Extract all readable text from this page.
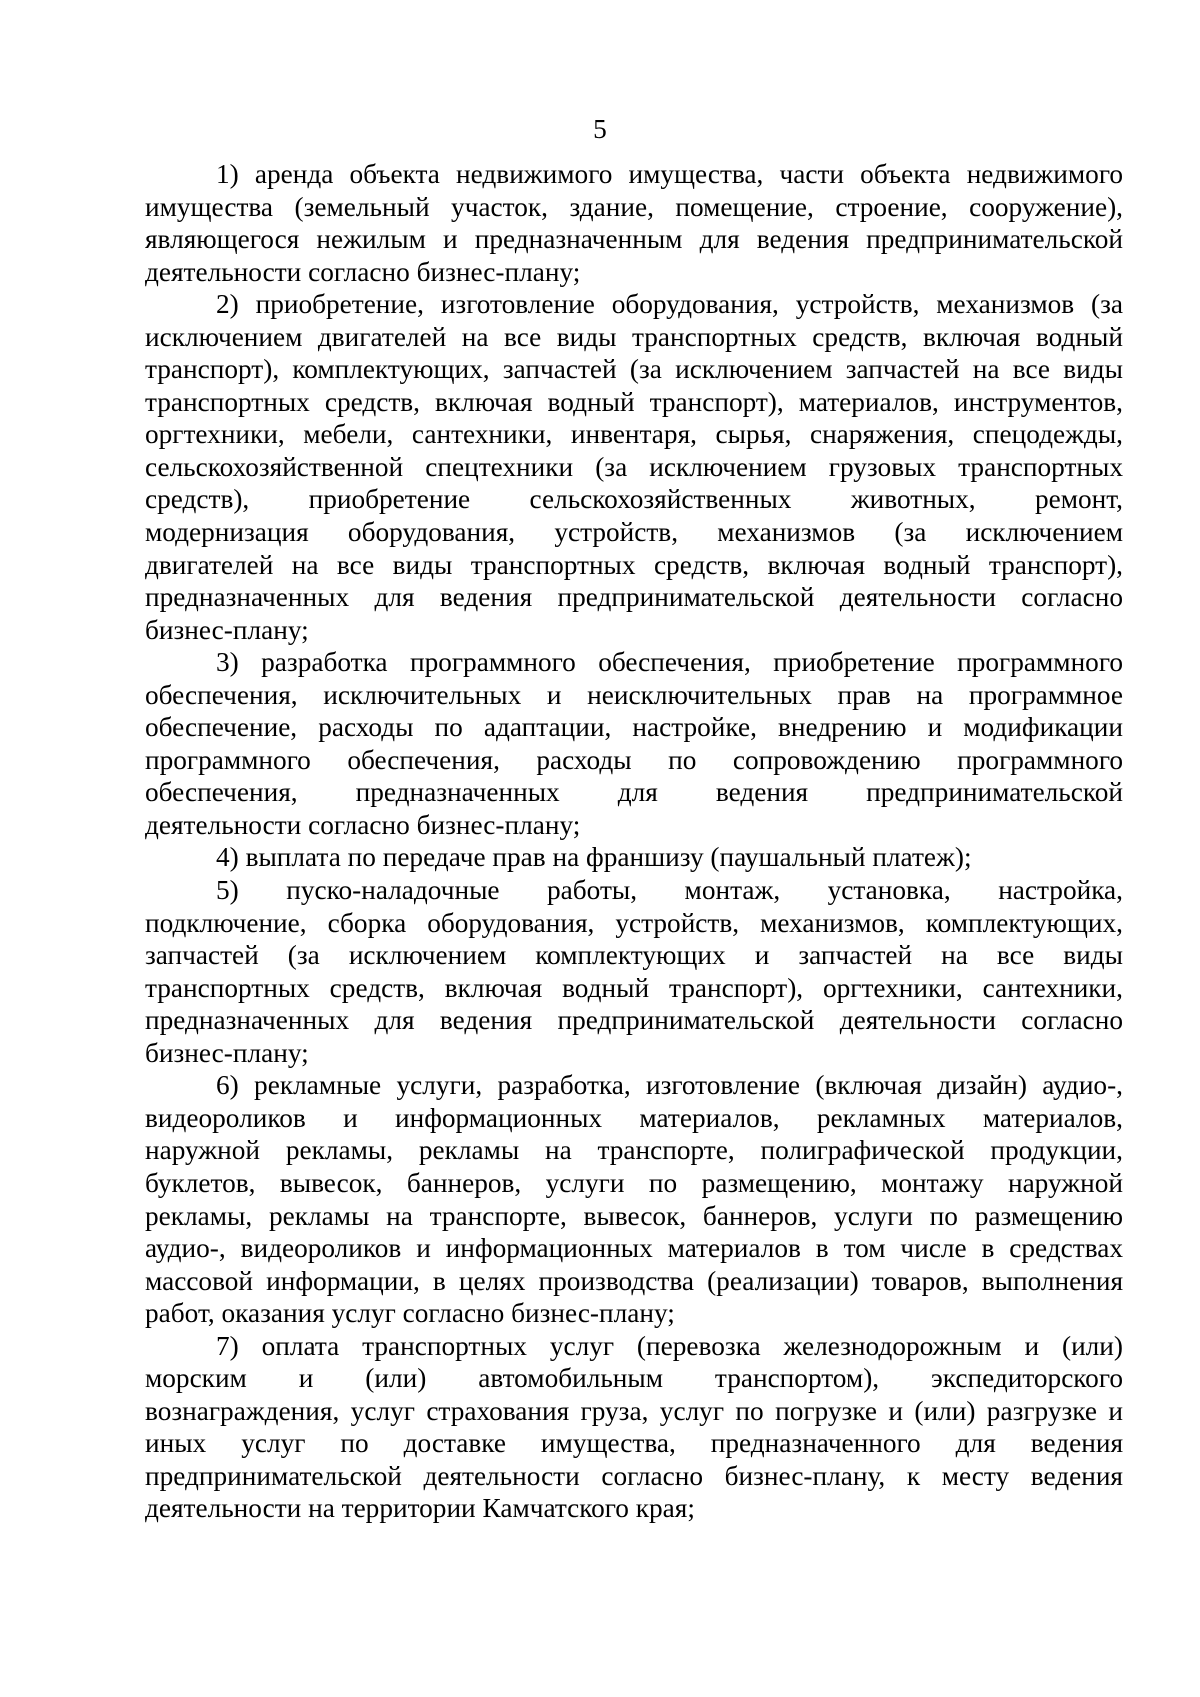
5
1) аренда объекта недвижимого имущества, части объекта недвижимого
имущества (земельный участок, здание, помещение, строение, сооружение),
являющегося нежилым и предназначенным для ведения предпринимательской
деятельности согласно бизнес-плану;
2) приобретение, изготовление оборудования, устройств, механизмов (за
исключением двигателей на все виды транспортных средств, включая водный
транспорт), комплектующих, запчастей (за исключением запчастей на все виды
транспортных средств, включая водный транспорт), материалов, инструментов,
оргтехники, мебели, сантехники, инвентаря, сырья, снаряжения, спецодежды,
сельскохозяйственной спецтехники (за исключением грузовых транспортных
средств), приобретение сельскохозяйственных животных, ремонт,
модернизация оборудования, устройств, механизмов (за исключением
двигателей на все виды транспортных средств, включая водный транспорт),
предназначенных для ведения предпринимательской деятельности согласно
бизнес-плану;
3) разработка программного обеспечения, приобретение программного
обеспечения, исключительных и неисключительных прав на программное
обеспечение, расходы по адаптации, настройке, внедрению и модификации
программного обеспечения, расходы по сопровождению программного
обеспечения, предназначенных для ведения предпринимательской
деятельности согласно бизнес-плану;
4) выплата по передаче прав на франшизу (паушальный платеж);
5) пуско-наладочные работы, монтаж, установка, настройка,
подключение, сборка оборудования, устройств, механизмов, комплектующих,
запчастей (за исключением комплектующих и запчастей на все виды
транспортных средств, включая водный транспорт), оргтехники, сантехники,
предназначенных для ведения предпринимательской деятельности согласно
бизнес-плану;
6) рекламные услуги, разработка, изготовление (включая дизайн) аудио-,
видеороликов и информационных материалов, рекламных материалов,
наружной рекламы, рекламы на транспорте, полиграфической продукции,
буклетов, вывесок, баннеров, услуги по размещению, монтажу наружной
рекламы, рекламы на транспорте, вывесок, баннеров, услуги по размещению
аудио-, видеороликов и информационных материалов в том числе в средствах
массовой информации, в целях производства (реализации) товаров, выполнения
работ, оказания услуг согласно бизнес-плану;
7) оплата транспортных услуг (перевозка железнодорожным и (или)
морским и (или) автомобильным транспортом), экспедиторского
вознаграждения, услуг страхования груза, услуг по погрузке и (или) разгрузке и
иных услуг по доставке имущества, предназначенного для ведения
предпринимательской деятельности согласно бизнес-плану, к месту ведения
деятельности на территории Камчатского края;
